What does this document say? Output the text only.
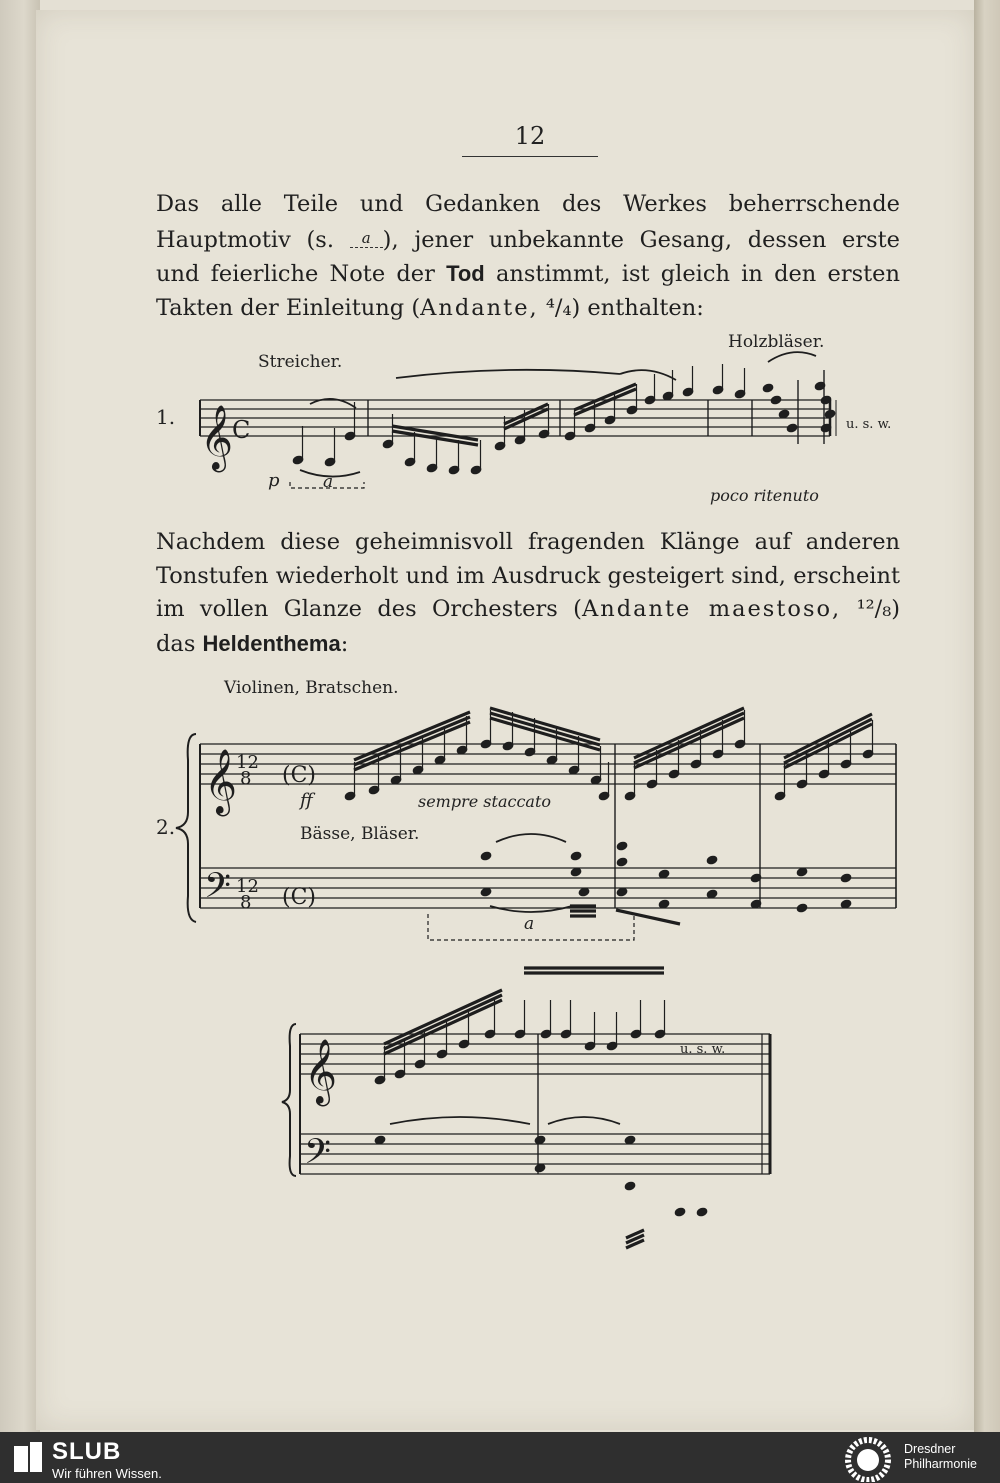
12
Das alle Teile und Gedanken des Werkes beherrschende
Hauptmotiv (s. a ), jener unbekannte Gesang, dessen erste
und feierliche Note der Tod anstimmt, ist gleich in den ersten
Takten der Einleitung (Andante, ⁴/₄) enthalten:
Nachdem diese geheimnisvoll fragenden Klänge auf anderen
Tonstufen wiederholt und im Ausdruck gesteigert sind, erscheint
im vollen Glanze des Orchesters (Andante maestoso, ¹²/₈)
das Heldenthema:
Streicher.
Holzbläser.
1.
p	a
u. s. w.
poco ritenuto
Violinen, Bratschen.
Bässe, Bläser.
2.
ff	sempre staccato
a
u. s. w.
𝄞
C
𝄞
12
8 (C)
𝄢 12
8 (C)
𝄞
𝄢
SLUB
Wir führen Wissen.
Dresdner
Philharmonie
